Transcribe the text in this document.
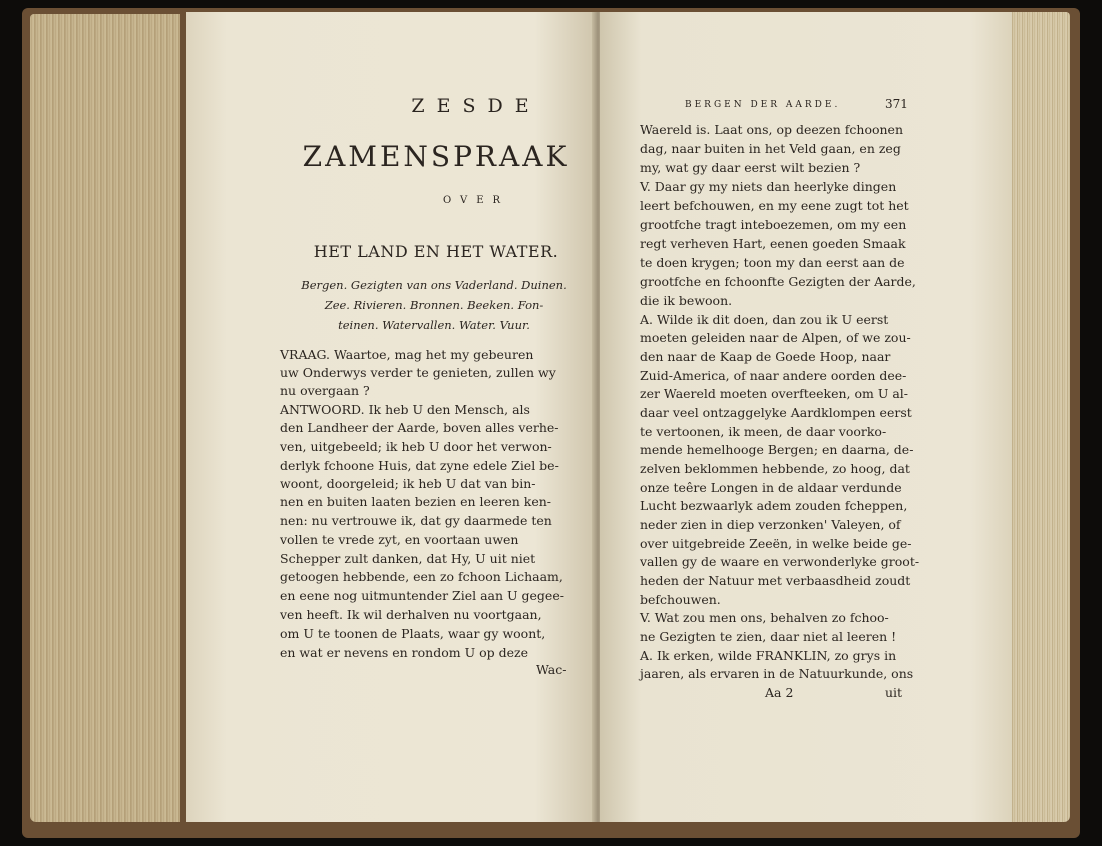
ZESDE
ZAMENSPRAAK
OVER
HET LAND EN HET WATER.
Bergen. Gezigten van ons Vaderland. Duinen.
Zee. Rivieren. Bronnen. Beeken. Fon-
teinen. Watervallen. Water. Vuur.
VRAAG. Waartoe, mag het my gebeuren
uw Onderwys verder te genieten, zullen wy
nu overgaan ?
ANTWOORD. Ik heb U den Mensch, als
den Landheer der Aarde, boven alles verhe-
ven, uitgebeeld; ik heb U door het verwon-
derlyk fchoone Huis, dat zyne edele Ziel be-
woont, doorgeleid; ik heb U dat van bin-
nen en buiten laaten bezien en leeren ken-
nen: nu vertrouwe ik, dat gy daarmede ten
vollen te vrede zyt, en voortaan uwen
Schepper zult danken, dat Hy, U uit niet
getoogen hebbende, een zo fchoon Lichaam,
en eene nog uitmuntender Ziel aan U gegee-
ven heeft. Ik wil derhalven nu voortgaan,
om U te toonen de Plaats, waar gy woont,
en wat er nevens en rondom U op deze
Wac-
BERGEN DER AARDE.	371
Waereld is. Laat ons, op deezen fchoonen
dag, naar buiten in het Veld gaan, en zeg
my, wat gy daar eerst wilt bezien ?
V. Daar gy my niets dan heerlyke dingen
leert befchouwen, en my eene zugt tot het
grootfche tragt inteboezemen, om my een
regt verheven Hart, eenen goeden Smaak
te doen krygen; toon my dan eerst aan de
grootfche en fchoonfte Gezigten der Aarde,
die ik bewoon.
A. Wilde ik dit doen, dan zou ik U eerst
moeten geleiden naar de Alpen, of we zou-
den naar de Kaap de Goede Hoop, naar
Zuid-America, of naar andere oorden dee-
zer Waereld moeten overfteeken, om U al-
daar veel ontzaggelyke Aardklompen eerst
te vertoonen, ik meen, de daar voorko-
mende hemelhooge Bergen; en daarna, de-
zelven beklommen hebbende, zo hoog, dat
onze teêre Longen in de aldaar verdunde
Lucht bezwaarlyk adem zouden fcheppen,
neder zien in diep verzonken' Valeyen, of
over uitgebreide Zeeën, in welke beide ge-
vallen gy de waare en verwonderlyke groot-
heden der Natuur met verbaasdheid zoudt
befchouwen.
V. Wat zou men ons, behalven zo fchoo-
ne Gezigten te zien, daar niet al leeren !
A. Ik erken, wilde FRANKLIN, zo grys in
jaaren, als ervaren in de Natuurkunde, ons
Aa 2	uit
